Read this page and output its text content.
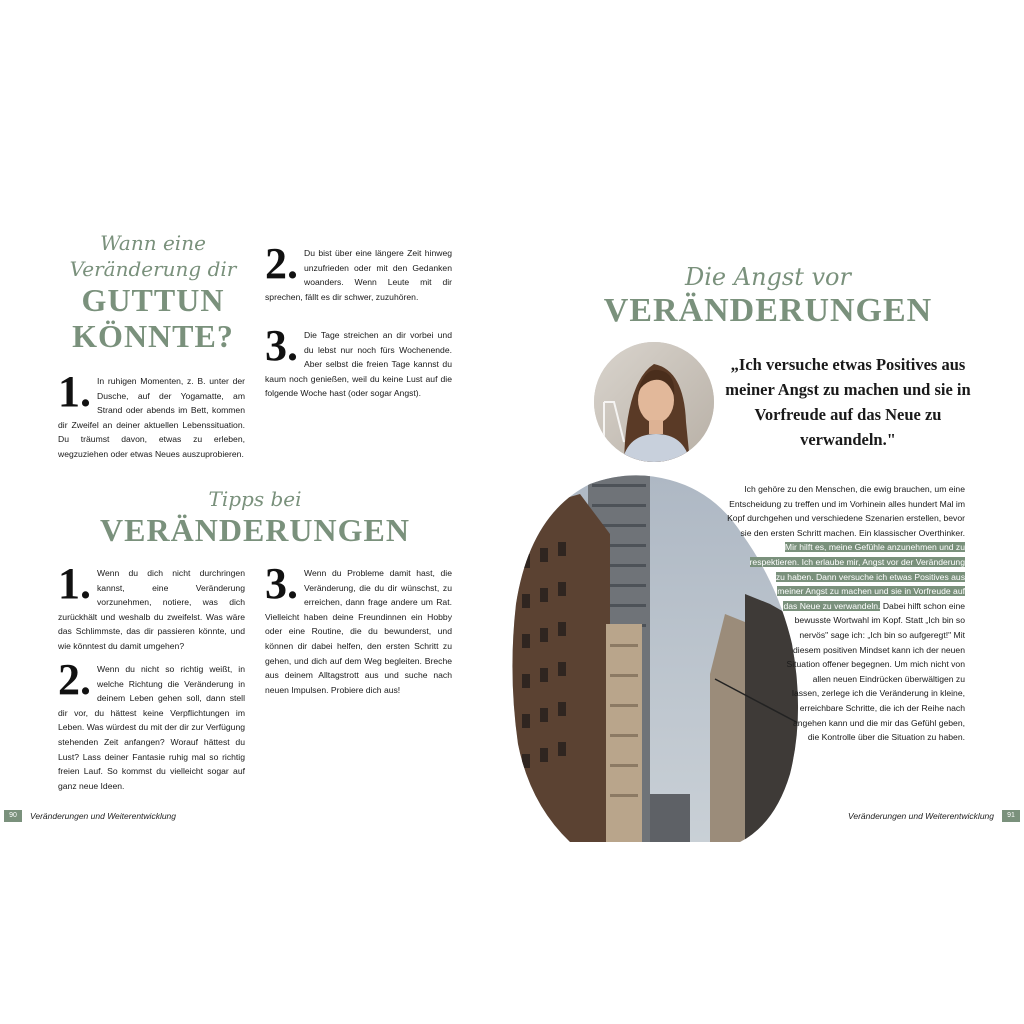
Wann eine
Veränderung dir
GUTTUN
KÖNNTE?
1. In ruhigen Momenten, z. B. unter der Dusche, auf der Yogamatte, am Strand oder abends im Bett, kommen dir Zweifel an deiner aktuellen Lebenssituation. Du träumst davon, etwas zu erleben, wegzuziehen oder etwas Neues auszuprobieren.

2. Du bist über eine längere Zeit hinweg unzufrieden oder mit den Gedanken woanders. Wenn Leute mit dir sprechen, fällt es dir schwer, zuzuhören.

3. Die Tage streichen an dir vorbei und du lebst nur noch fürs Wochenende. Aber selbst die freien Tage kannst du kaum noch genießen, weil du keine Lust auf die folgende Woche hast (oder sogar Angst).

Tipps bei
VERÄNDERUNGEN
1. Wenn du dich nicht durchringen kannst, eine Veränderung vorzunehmen, notiere, was dich zurückhält und weshalb du zweifelst. Was wäre das Schlimmste, das dir passieren könnte, und wie könntest du damit umgehen?

2. Wenn du nicht so richtig weißt, in welche Richtung die Veränderung in deinem Leben gehen soll, dann stell dir vor, du hättest keine Verpflichtungen im Leben. Was würdest du mit der dir zur Verfügung stehenden Zeit anfangen? Worauf hättest du Lust? Lass deiner Fantasie ruhig mal so richtig freien Lauf. So kommst du vielleicht sogar auf ganz neue Ideen.

3. Wenn du Probleme damit hast, die Veränderung, die du dir wünschst, zu erreichen, dann frage andere um Rat. Vielleicht haben deine Freundinnen ein Hobby oder eine Routine, die du bewunderst, und können dir dabei helfen, den ersten Schritt zu gehen, und dich auf dem Weg begleiten. Breche aus deinem Alltagstrott aus und suche nach neuen Impulsen. Probiere dich aus!

90	Veränderungen und Weiterentwicklung
Die Angst vor
VERÄNDERUNGEN
„Ich versuche etwas Positives aus meiner Angst zu machen und sie in Vorfreude auf das Neue zu verwandeln."

Ich gehöre zu den Menschen, die ewig brauchen, um eine Entscheidung zu treffen und im Vorhinein alles hundert Mal im Kopf durchgehen und verschiedene Szenarien erstellen, bevor sie den ersten Schritt machen. Ein klassischer Overthinker. Mir hilft es, meine Gefühle anzunehmen und zu respektieren. Ich erlaube mir, Angst vor der Veränderung zu haben. Dann versuche ich etwas Positives aus meiner Angst zu machen und sie in Vorfreude auf das Neue zu verwandeln. Dabei hilft schon eine bewusste Wortwahl im Kopf. Statt „Ich bin so nervös" sage ich: „Ich bin so aufgeregt!" Mit diesem positiven Mindset kann ich der neuen Situation offener begegnen. Um mich nicht von allen neuen Eindrücken überwältigen zu lassen, zerlege ich die Veränderung in kleine, erreichbare Schritte, die ich der Reihe nach angehen kann und die mir das Gefühl geben, die Kontrolle über die Situation zu haben.

Veränderungen und Weiterentwicklung	91
